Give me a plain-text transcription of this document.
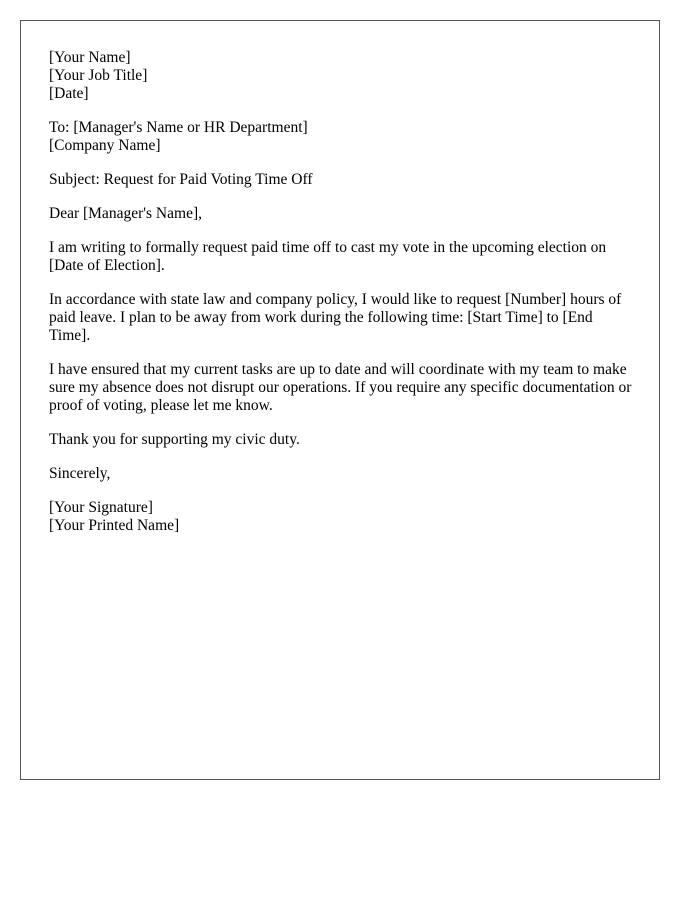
[Your Name]
[Your Job Title]
[Date]
To: [Manager's Name or HR Department]
[Company Name]

Subject: Request for Paid Voting Time Off

Dear [Manager's Name],

I am writing to formally request paid time off to cast my vote in the upcoming election on [Date of Election].

In accordance with state law and company policy, I would like to request [Number] hours of paid leave. I plan to be away from work during the following time: [Start Time] to [End Time].

I have ensured that my current tasks are up to date and will coordinate with my team to make sure my absence does not disrupt our operations. If you require any specific documentation or proof of voting, please let me know.

Thank you for supporting my civic duty.

Sincerely,

[Your Signature]
[Your Printed Name]
